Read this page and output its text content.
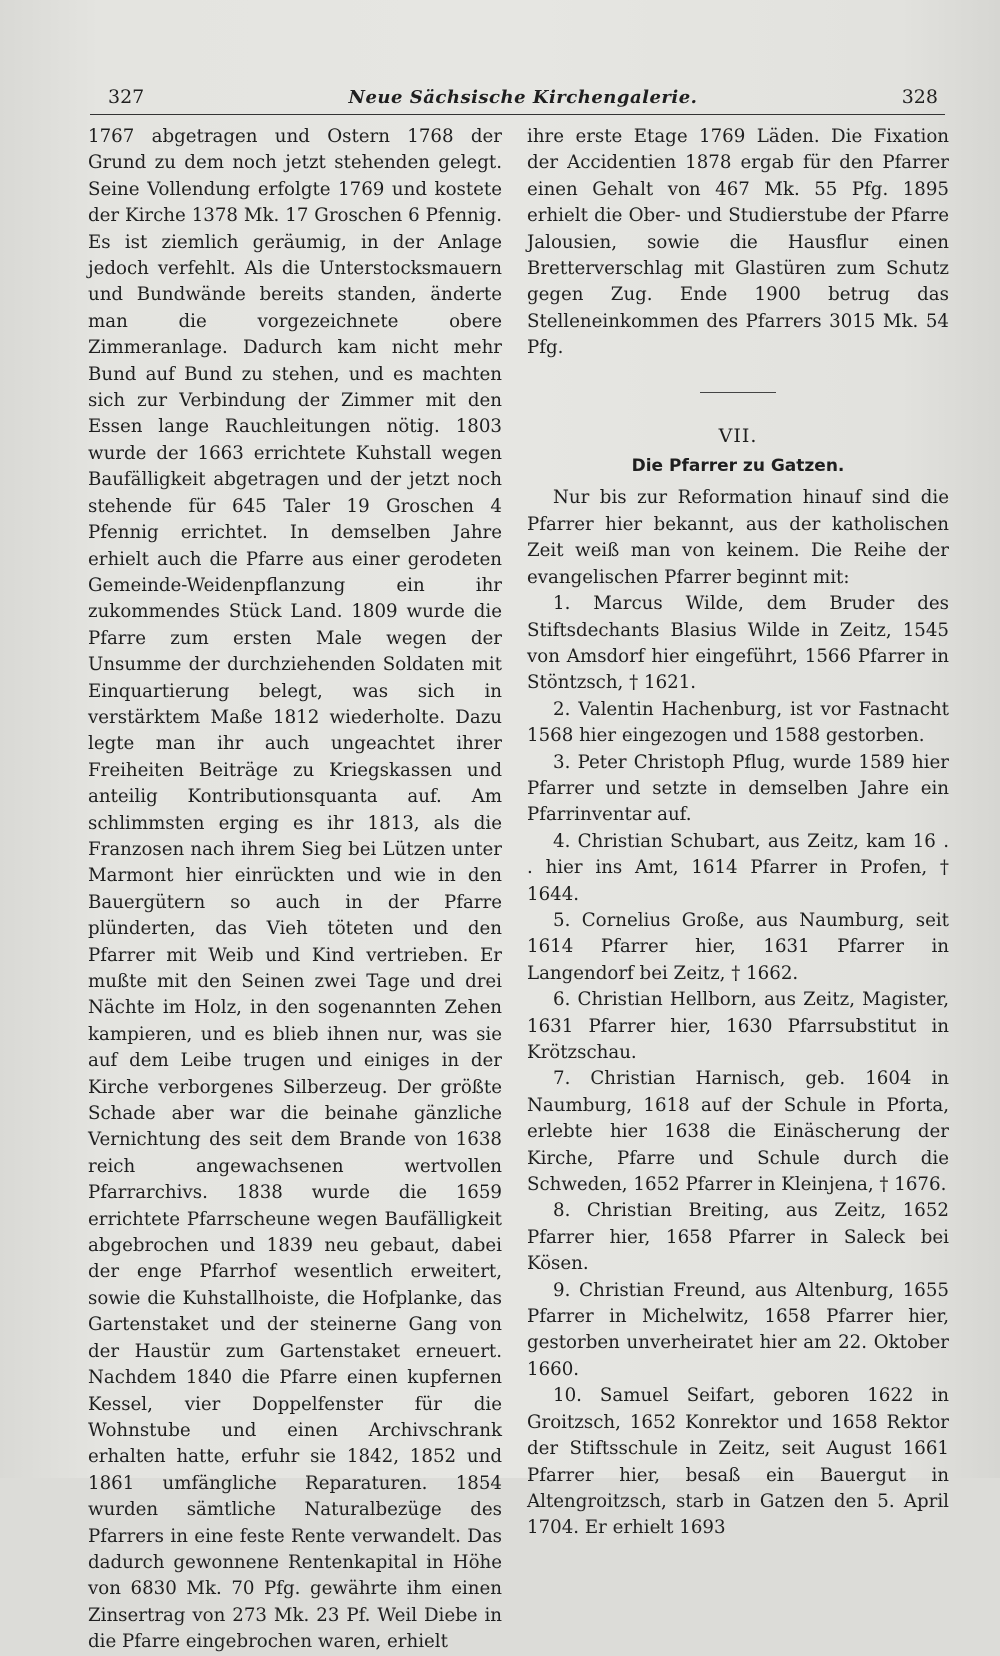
327	Neue Sächsische Kirchengalerie.	328

1767 abgetragen und Ostern 1768 der Grund zu dem noch jetzt stehenden gelegt. Seine Vollendung erfolgte 1769 und kostete der Kirche 1378 Mk. 17 Groschen 6 Pfennig. Es ist ziemlich geräumig, in der Anlage jedoch verfehlt. Als die Unterstocksmauern und Bundwände bereits standen, änderte man die vorgezeichnete obere Zimmeranlage. Dadurch kam nicht mehr Bund auf Bund zu stehen, und es machten sich zur Verbindung der Zimmer mit den Essen lange Rauchleitungen nötig. 1803 wurde der 1663 errichtete Kuhstall wegen Baufälligkeit abgetragen und der jetzt noch stehende für 645 Taler 19 Groschen 4 Pfennig errichtet. In demselben Jahre erhielt auch die Pfarre aus einer gerodeten Gemeinde-Weidenpflanzung ein ihr zukommendes Stück Land. 1809 wurde die Pfarre zum ersten Male wegen der Unsumme der durchziehenden Soldaten mit Einquartierung belegt, was sich in verstärktem Maße 1812 wiederholte. Dazu legte man ihr auch ungeachtet ihrer Freiheiten Beiträge zu Kriegskassen und anteilig Kontributionsquanta auf. Am schlimmsten erging es ihr 1813, als die Franzosen nach ihrem Sieg bei Lützen unter Marmont hier einrückten und wie in den Bauergütern so auch in der Pfarre plünderten, das Vieh töteten und den Pfarrer mit Weib und Kind vertrieben. Er mußte mit den Seinen zwei Tage und drei Nächte im Holz, in den sogenannten Zehen kampieren, und es blieb ihnen nur, was sie auf dem Leibe trugen und einiges in der Kirche verborgenes Silberzeug. Der größte Schade aber war die beinahe gänzliche Vernichtung des seit dem Brande von 1638 reich angewachsenen wertvollen Pfarrarchivs. 1838 wurde die 1659 errichtete Pfarrscheune wegen Baufälligkeit abgebrochen und 1839 neu gebaut, dabei der enge Pfarrhof wesentlich erweitert, sowie die Kuhstallhoiste, die Hofplanke, das Gartenstaket und der steinerne Gang von der Haustür zum Gartenstaket erneuert. Nachdem 1840 die Pfarre einen kupfernen Kessel, vier Doppelfenster für die Wohnstube und einen Archivschrank erhalten hatte, erfuhr sie 1842, 1852 und 1861 umfängliche Reparaturen. 1854 wurden sämtliche Naturalbezüge des Pfarrers in eine feste Rente verwandelt. Das dadurch gewonnene Rentenkapital in Höhe von 6830 Mk. 70 Pfg. gewährte ihm einen Zinsertrag von 273 Mk. 23 Pf. Weil Diebe in die Pfarre eingebrochen waren, erhielt

ihre erste Etage 1769 Läden. Die Fixation der Accidentien 1878 ergab für den Pfarrer einen Gehalt von 467 Mk. 55 Pfg. 1895 erhielt die Ober- und Studierstube der Pfarre Jalousien, sowie die Hausflur einen Bretterverschlag mit Glastüren zum Schutz gegen Zug. Ende 1900 betrug das Stelleneinkommen des Pfarrers 3015 Mk. 54 Pfg.

VII.
Die Pfarrer zu Gatzen.

Nur bis zur Reformation hinauf sind die Pfarrer hier bekannt, aus der katholischen Zeit weiß man von keinem. Die Reihe der evangelischen Pfarrer beginnt mit:

1. Marcus Wilde, dem Bruder des Stiftsdechants Blasius Wilde in Zeitz, 1545 von Amsdorf hier eingeführt, 1566 Pfarrer in Stöntzsch, † 1621.

2. Valentin Hachenburg, ist vor Fastnacht 1568 hier eingezogen und 1588 gestorben.

3. Peter Christoph Pflug, wurde 1589 hier Pfarrer und setzte in demselben Jahre ein Pfarrinventar auf.

4. Christian Schubart, aus Zeitz, kam 16 . . hier ins Amt, 1614 Pfarrer in Profen, † 1644.

5. Cornelius Große, aus Naumburg, seit 1614 Pfarrer hier, 1631 Pfarrer in Langendorf bei Zeitz, † 1662.

6. Christian Hellborn, aus Zeitz, Magister, 1631 Pfarrer hier, 1630 Pfarrsubstitut in Krötzschau.

7. Christian Harnisch, geb. 1604 in Naumburg, 1618 auf der Schule in Pforta, erlebte hier 1638 die Einäscherung der Kirche, Pfarre und Schule durch die Schweden, 1652 Pfarrer in Kleinjena, † 1676.

8. Christian Breiting, aus Zeitz, 1652 Pfarrer hier, 1658 Pfarrer in Saleck bei Kösen.

9. Christian Freund, aus Altenburg, 1655 Pfarrer in Michelwitz, 1658 Pfarrer hier, gestorben unverheiratet hier am 22. Oktober 1660.

10. Samuel Seifart, geboren 1622 in Groitzsch, 1652 Konrektor und 1658 Rektor der Stiftsschule in Zeitz, seit August 1661 Pfarrer hier, besaß ein Bauergut in Altengroitzsch, starb in Gatzen den 5. April 1704. Er erhielt 1693
